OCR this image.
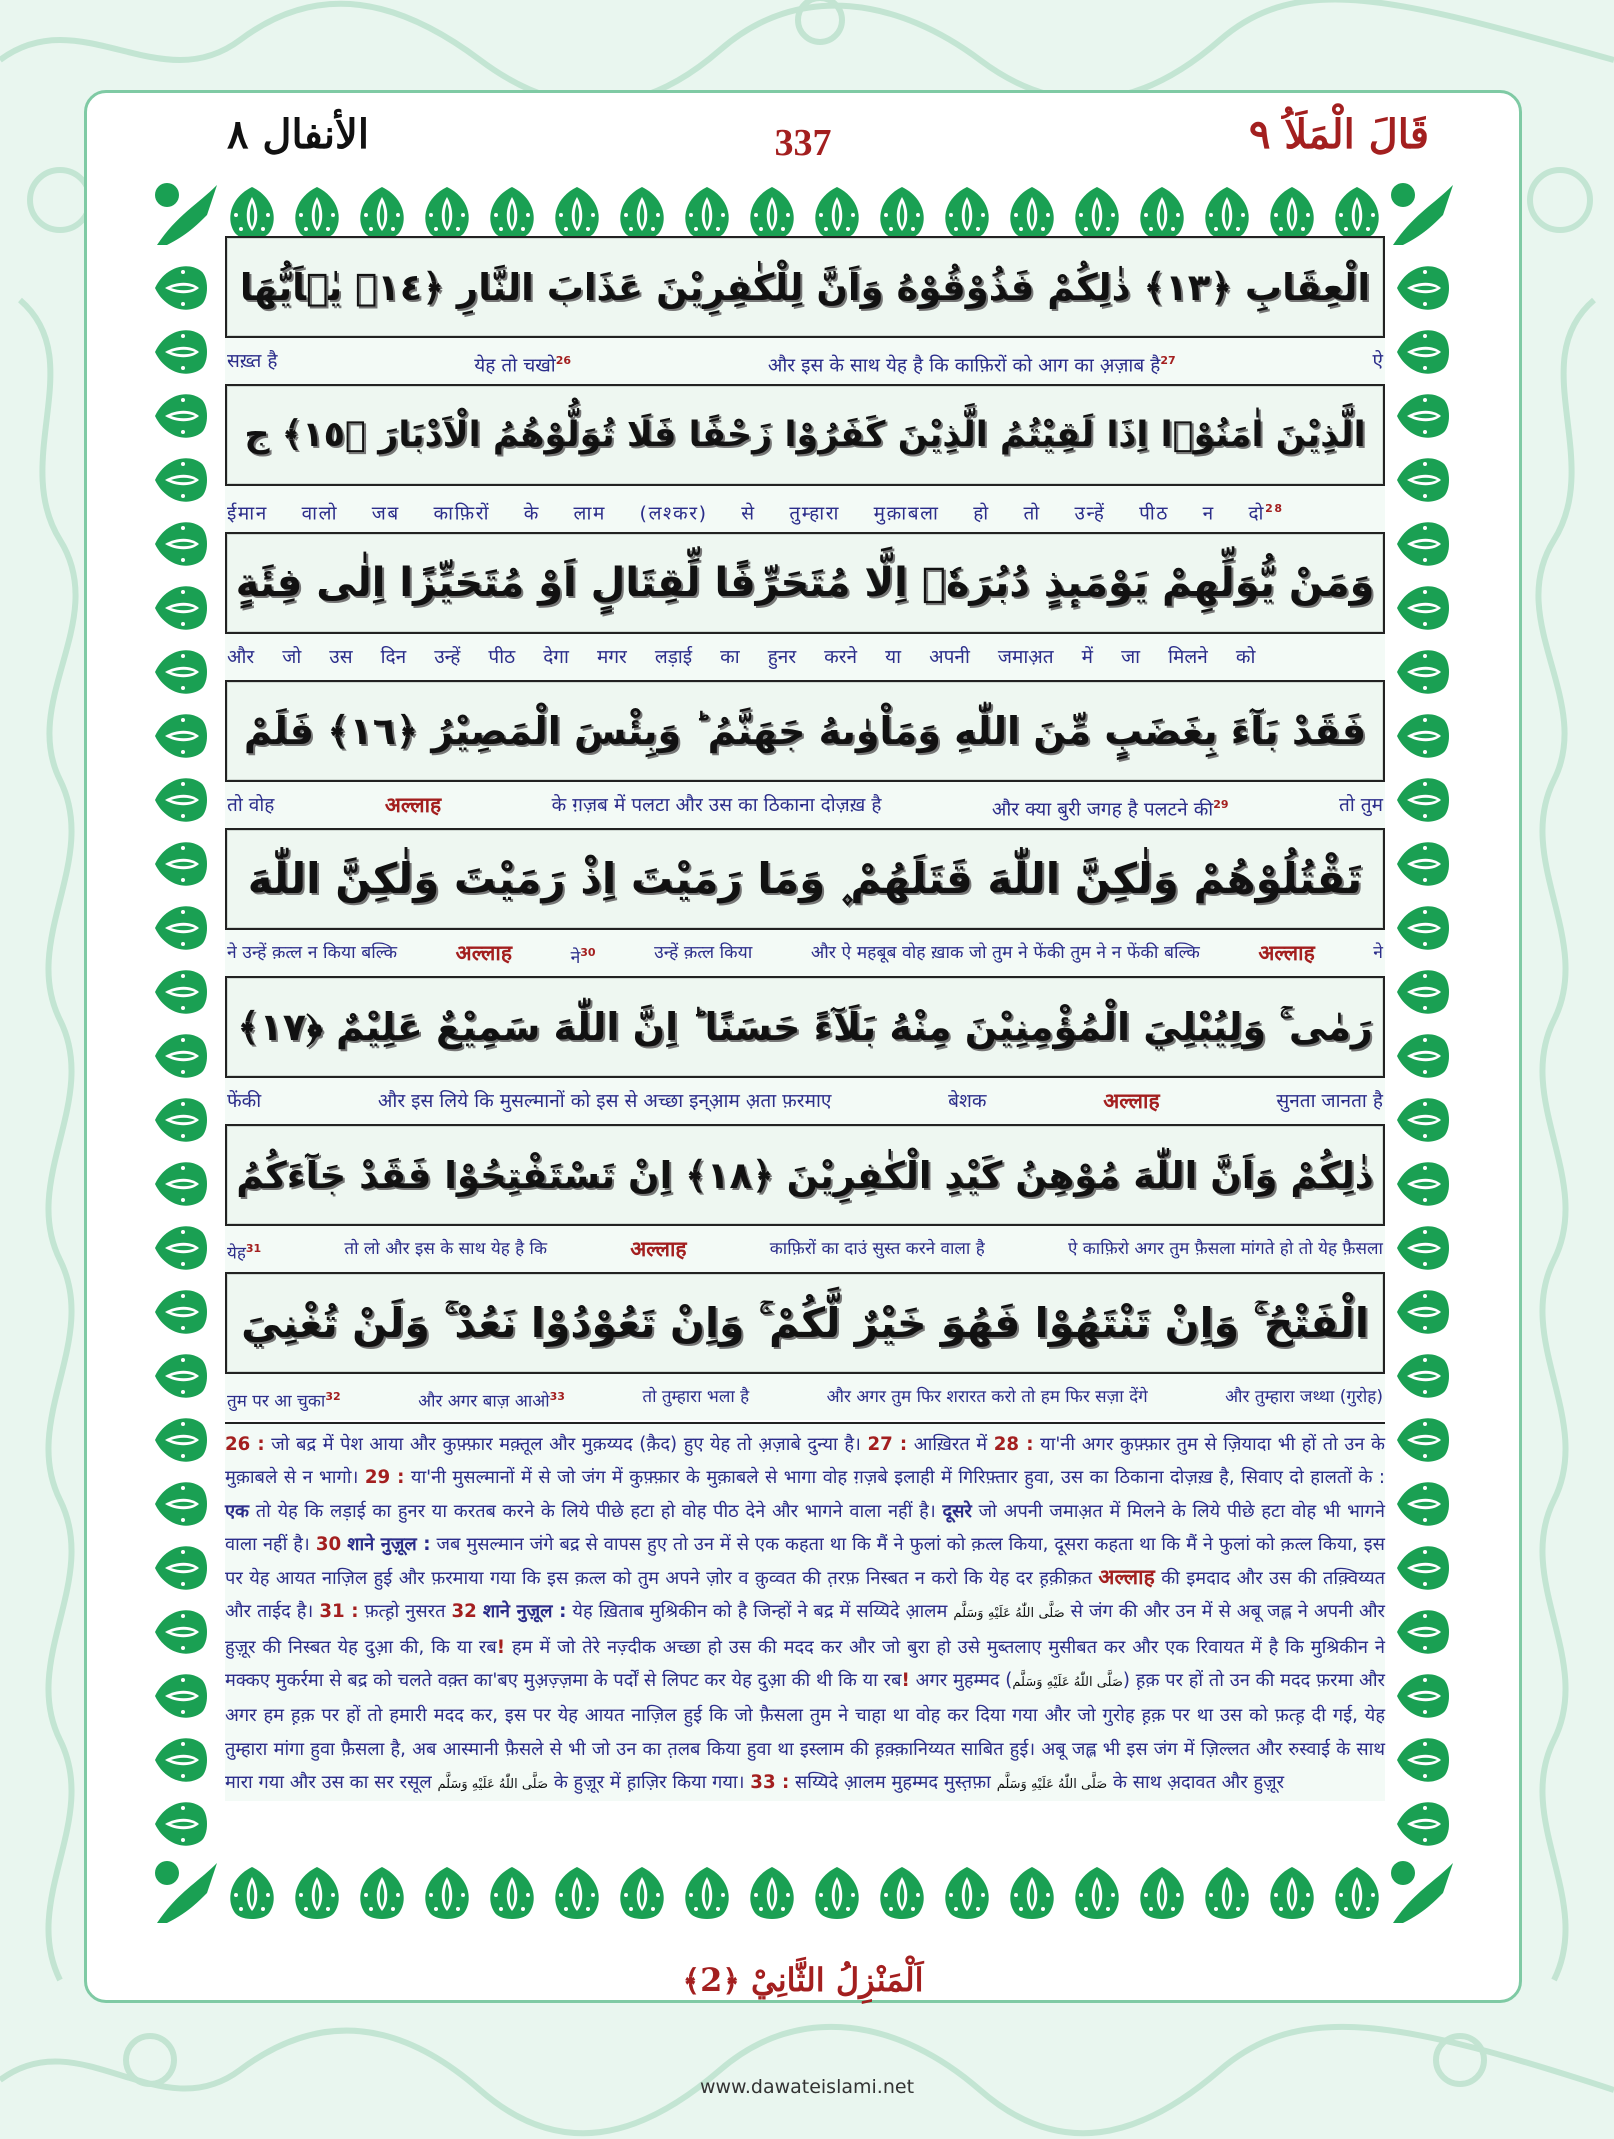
قَالَ الْمَلَاُ ٩
337
الأنفال ٨
الْعِقَابِ ﴿١٣﴾ ذٰلِكُمْ فَذُوْقُوْهُ وَاَنَّ لِلْكٰفِرِيْنَ عَذَابَ النَّارِ ﴿١٤﴾ يٰۤاَيُّهَا
सख़्त है	येह तो चखो$^{26}$	और इस के साथ येह है कि काफ़िरों को आग का अ़ज़ाब है$^{27}$	ऐ
الَّذِيْنَ اٰمَنُوْۤا اِذَا لَقِيْتُمُ الَّذِيْنَ كَفَرُوْا زَحْفًا فَلَا تُوَلُّوْهُمُ الْاَدْبَارَ ﴿١٥﴾ ج
ईमान वालो जब काफ़िरों के लाम (लश्कर) से तुम्हारा मुक़ाबला हो तो उन्हें पीठ न दो$^{28}$
وَمَنْ يُّوَلِّهِمْ يَوْمَىٕذٍ دُبُرَهٗۤ اِلَّا مُتَحَرِّفًا لِّقِتَالٍ اَوْ مُتَحَيِّزًا اِلٰى فِئَةٍ
और जो उस दिन उन्हें पीठ देगा मगर लड़ाई का हुनर करने या अपनी जमाअ़त में जा मिलने को
فَقَدْ بَآءَ بِغَضَبٍ مِّنَ اللّٰهِ وَمَاْوٰىهُ جَهَنَّمُ ؕ وَبِئْسَ الْمَصِيْرُ ﴿١٦﴾ فَلَمْ
तो वोह	अल्लाह	के ग़ज़ब में पलटा और उस का ठिकाना दोज़ख़ है	और क्या बुरी जगह है पलटने की$^{29}$	तो तुम
تَقْتُلُوْهُمْ وَلٰكِنَّ اللّٰهَ قَتَلَهُمْ ۪ وَمَا رَمَيْتَ اِذْ رَمَيْتَ وَلٰكِنَّ اللّٰهَ
ने उन्हें क़त्ल न किया बल्कि	अल्लाह	ने$^{30}$	उन्हें क़त्ल किया	और ऐ महबूब वोह ख़ाक जो तुम ने फेंकी तुम ने न फेंकी बल्कि	अल्लाह	ने
رَمٰى ۚ وَلِيُبْلِيَ الْمُؤْمِنِيْنَ مِنْهُ بَلَآءً حَسَنًا ؕ اِنَّ اللّٰهَ سَمِيْعٌ عَلِيْمٌ ﴿١٧﴾
फेंकी	और इस लिये कि मुसल्मानों को इस से अच्छा इन्आ़म अ़ता फ़रमाए	बेशक	अल्लाह	सुनता जानता है
ذٰلِكُمْ وَاَنَّ اللّٰهَ مُوْهِنُ كَيْدِ الْكٰفِرِيْنَ ﴿١٨﴾ اِنْ تَسْتَفْتِحُوْا فَقَدْ جَآءَكُمُ
येह$^{31}$	तो लो और इस के साथ येह है कि	अल्लाह	काफ़िरों का दाउं सुस्त करने वाला है	ऐ काफ़िरो अगर तुम फ़ैसला मांगते हो तो येह फ़ैसला
الْفَتْحُ ۚ وَاِنْ تَنْتَهُوْا فَهُوَ خَيْرٌ لَّكُمْ ۚ وَاِنْ تَعُوْدُوْا نَعُدْ ۚ وَلَنْ تُغْنِيَ
तुम पर आ चुका$^{32}$	और अगर बाज़ आओ$^{33}$	तो तुम्हारा भला है	और अगर तुम फिर शरारत करो तो हम फिर सज़ा देंगे	और तुम्हारा जथ्था (गुरोह)
26 : जो बद्र में पेश आया और कुफ़्फ़ार मक़्तूल और मुक़य्यद (क़ैद) हुए येह तो अ़ज़ाबे दुन्या है। 27 : आख़िरत में 28 : या'नी अगर कुफ़्फ़ार तुम से ज़ियादा भी हों तो उन के मुक़ाबले से न भागो। 29 : या'नी मुसल्मानों में से जो जंग में कुफ़्फ़ार के मुक़ाबले से भागा वोह ग़ज़बे इलाही में गिरिफ़्तार हुवा, उस का ठिकाना दोज़ख़ है, सिवाए दो हालतों के : एक तो येह कि लड़ाई का हुनर या करतब करने के लिये पीछे हटा हो वोह पीठ देने और भागने वाला नहीं है। दूसरे जो अपनी जमाअ़त में मिलने के लिये पीछे हटा वोह भी भागने वाला नहीं है। 30 शाने नुज़ूल : जब मुसल्मान जंगे बद्र से वापस हुए तो उन में से एक कहता था कि मैं ने फुलां को क़त्ल किया, दूसरा कहता था कि मैं ने फुलां को क़त्ल किया, इस पर येह आयत नाज़िल हुई और फ़रमाया गया कि इस क़त्ल को तुम अपने ज़ोर व क़ुव्वत की त़रफ़ निस्बत न करो कि येह दर ह़क़ीक़त अल्लाह की इमदाद और उस की तक़्विय्यत और ताईद है। 31 : फ़त्ह़ो नुसरत 32 शाने नुज़ूल : येह ख़िताब मुश्रिकीन को है जिन्हों ने बद्र में सय्यिदे आ़लम صَلَّى اللّٰهُ عَلَيْهِ وَسَلَّم से जंग की और उन में से अबू जह्ल ने अपनी और हुज़ूर की निस्बत येह दुआ़ की, कि या रब! हम में जो तेरे नज़्दीक अच्छा हो उस की मदद कर और जो बुरा हो उसे मुब्तलाए मुसीबत कर और एक रिवायत में है कि मुश्रिकीन ने मक्कए मुकर्रमा से बद्र को चलते वक़्त का'बए मुअ़ज़्ज़मा के पर्दों से लिपट कर येह दुआ़ की थी कि या रब! अगर मुहम्मद (صَلَّى اللّٰهُ عَلَيْهِ وَسَلَّم) ह़क़ पर हों तो उन की मदद फ़रमा और अगर हम ह़क़ पर हों तो हमारी मदद कर, इस पर येह आयत नाज़िल हुई कि जो फ़ैसला तुम ने चाहा था वोह कर दिया गया और जो गुरोह ह़क़ पर था उस को फ़त्ह़ दी गई, येह तुम्हारा मांगा हुवा फ़ैसला है, अब आस्मानी फ़ैसले से भी जो उन का त़लब किया हुवा था इस्लाम की ह़क़्क़ानिय्यत साबित हुई। अबू जह्ल भी इस जंग में ज़िल्लत और रुस्वाई के साथ मारा गया और उस का सर रसूल صَلَّى اللّٰهُ عَلَيْهِ وَسَلَّم के हुज़ूर में ह़ाज़िर किया गया। 33 : सय्यिदे आ़लम मुहम्मद मुस्त़फ़ा صَلَّى اللّٰهُ عَلَيْهِ وَسَلَّم के साथ अ़दावत और हुज़ूर
اَلْمَنْزِلُ الثَّانِيْ ﴿2﴾
www.dawateislami.net
